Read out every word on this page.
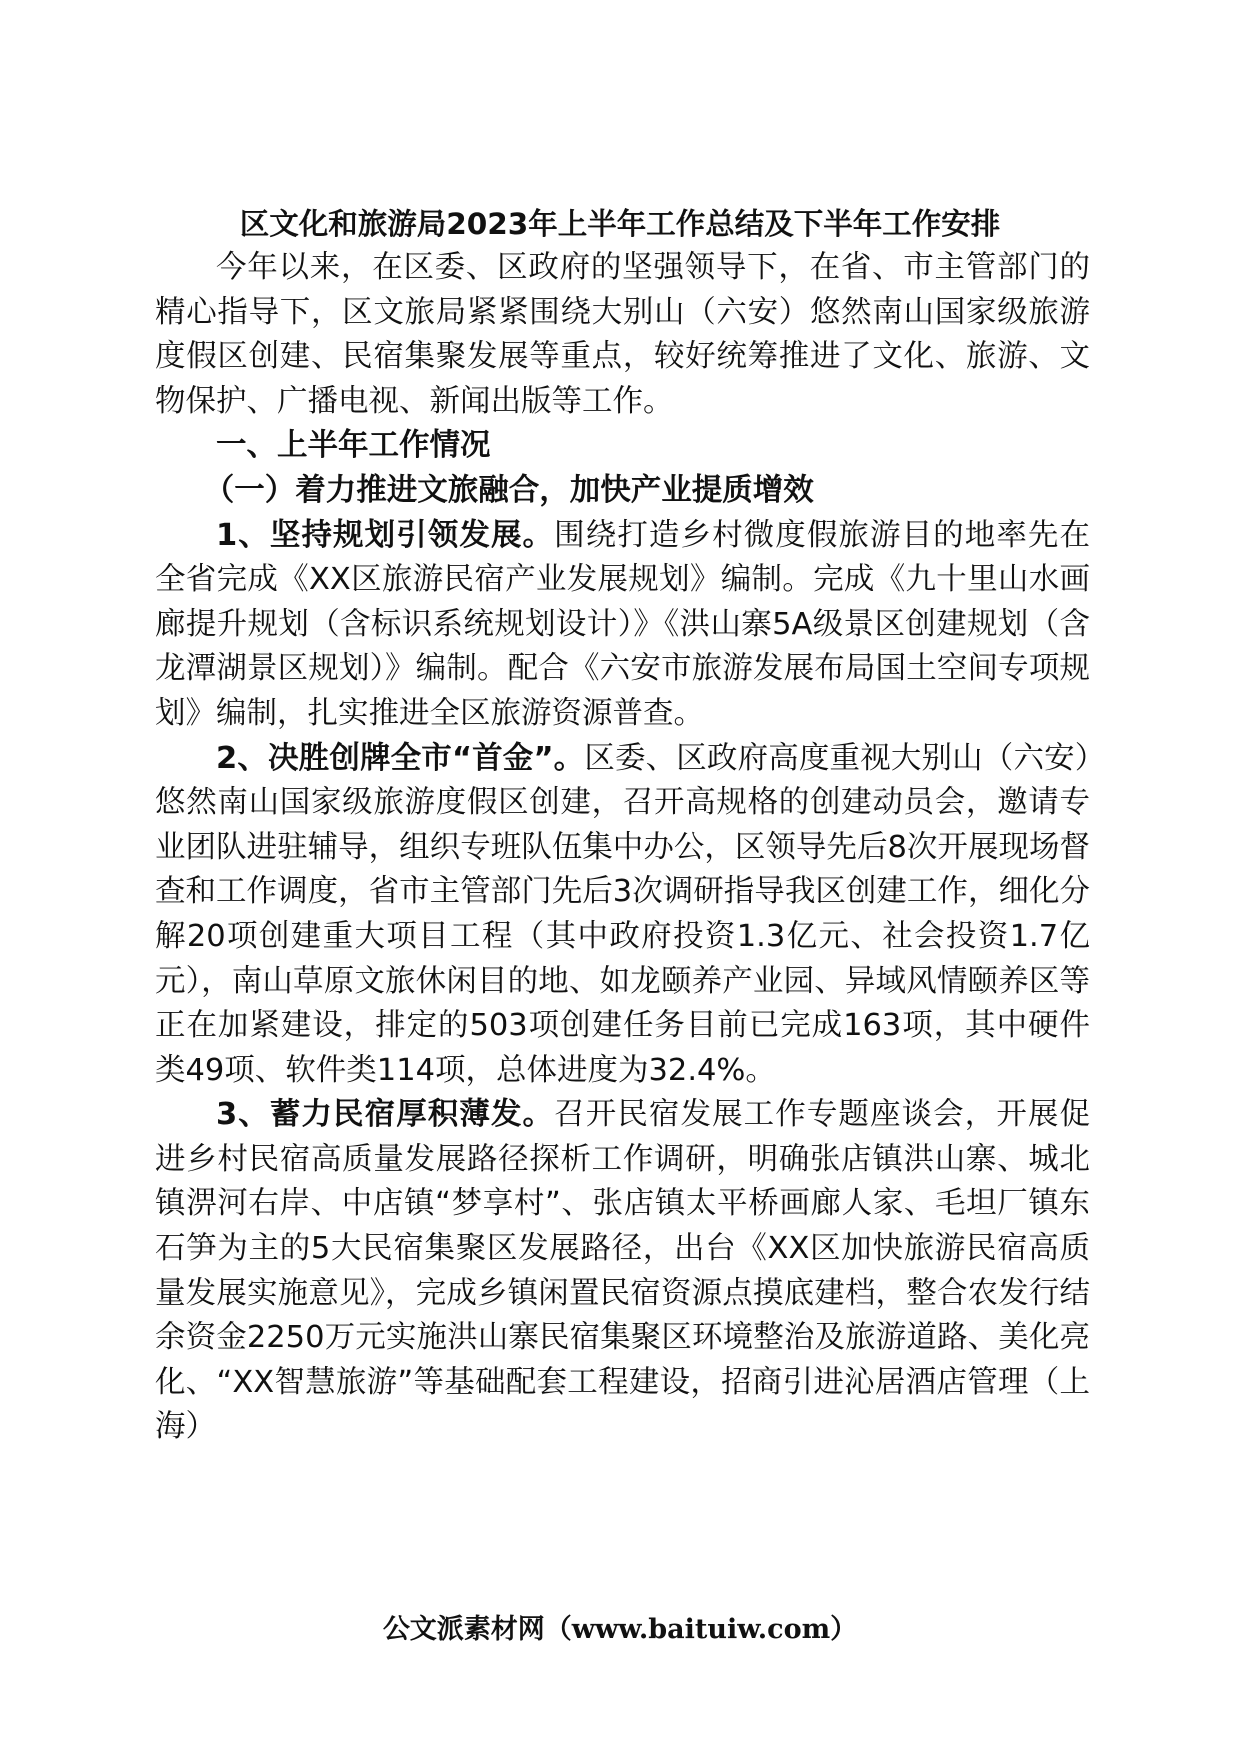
区文化和旅游局2023年上半年工作总结及下半年工作安排

今年以来，在区委、区政府的坚强领导下，在省、市主管部门的精心指导下，区文旅局紧紧围绕大别山（六安）悠然南山国家级旅游度假区创建、民宿集聚发展等重点，较好统筹推进了文化、旅游、文物保护、广播电视、新闻出版等工作。

一、上半年工作情况

（一）着力推进文旅融合，加快产业提质增效

1、坚持规划引领发展。围绕打造乡村微度假旅游目的地率先在全省完成《XX区旅游民宿产业发展规划》编制。完成《九十里山水画廊提升规划（含标识系统规划设计）》《洪山寨5A级景区创建规划（含龙潭湖景区规划）》编制。配合《六安市旅游发展布局国土空间专项规划》编制，扎实推进全区旅游资源普查。

2、决胜创牌全市“首金”。区委、区政府高度重视大别山（六安）悠然南山国家级旅游度假区创建，召开高规格的创建动员会，邀请专业团队进驻辅导，组织专班队伍集中办公，区领导先后8次开展现场督查和工作调度，省市主管部门先后3次调研指导我区创建工作，细化分解20项创建重大项目工程（其中政府投资1.3亿元、社会投资1.7亿元），南山草原文旅休闲目的地、如龙颐养产业园、异域风情颐养区等正在加紧建设，排定的503项创建任务目前已完成163项，其中硬件类49项、软件类114项，总体进度为32.4%。

3、蓄力民宿厚积薄发。召开民宿发展工作专题座谈会，开展促进乡村民宿高质量发展路径探析工作调研，明确张店镇洪山寨、城北镇淠河右岸、中店镇“梦享村”、张店镇太平桥画廊人家、毛坦厂镇东石笋为主的5大民宿集聚区发展路径，出台《XX区加快旅游民宿高质量发展实施意见》，完成乡镇闲置民宿资源点摸底建档，整合农发行结余资金2250万元实施洪山寨民宿集聚区环境整治及旅游道路、美化亮化、“XX智慧旅游”等基础配套工程建设，招商引进沁居酒店管理（上海）

公文派素材网（www.baituiw.com）
